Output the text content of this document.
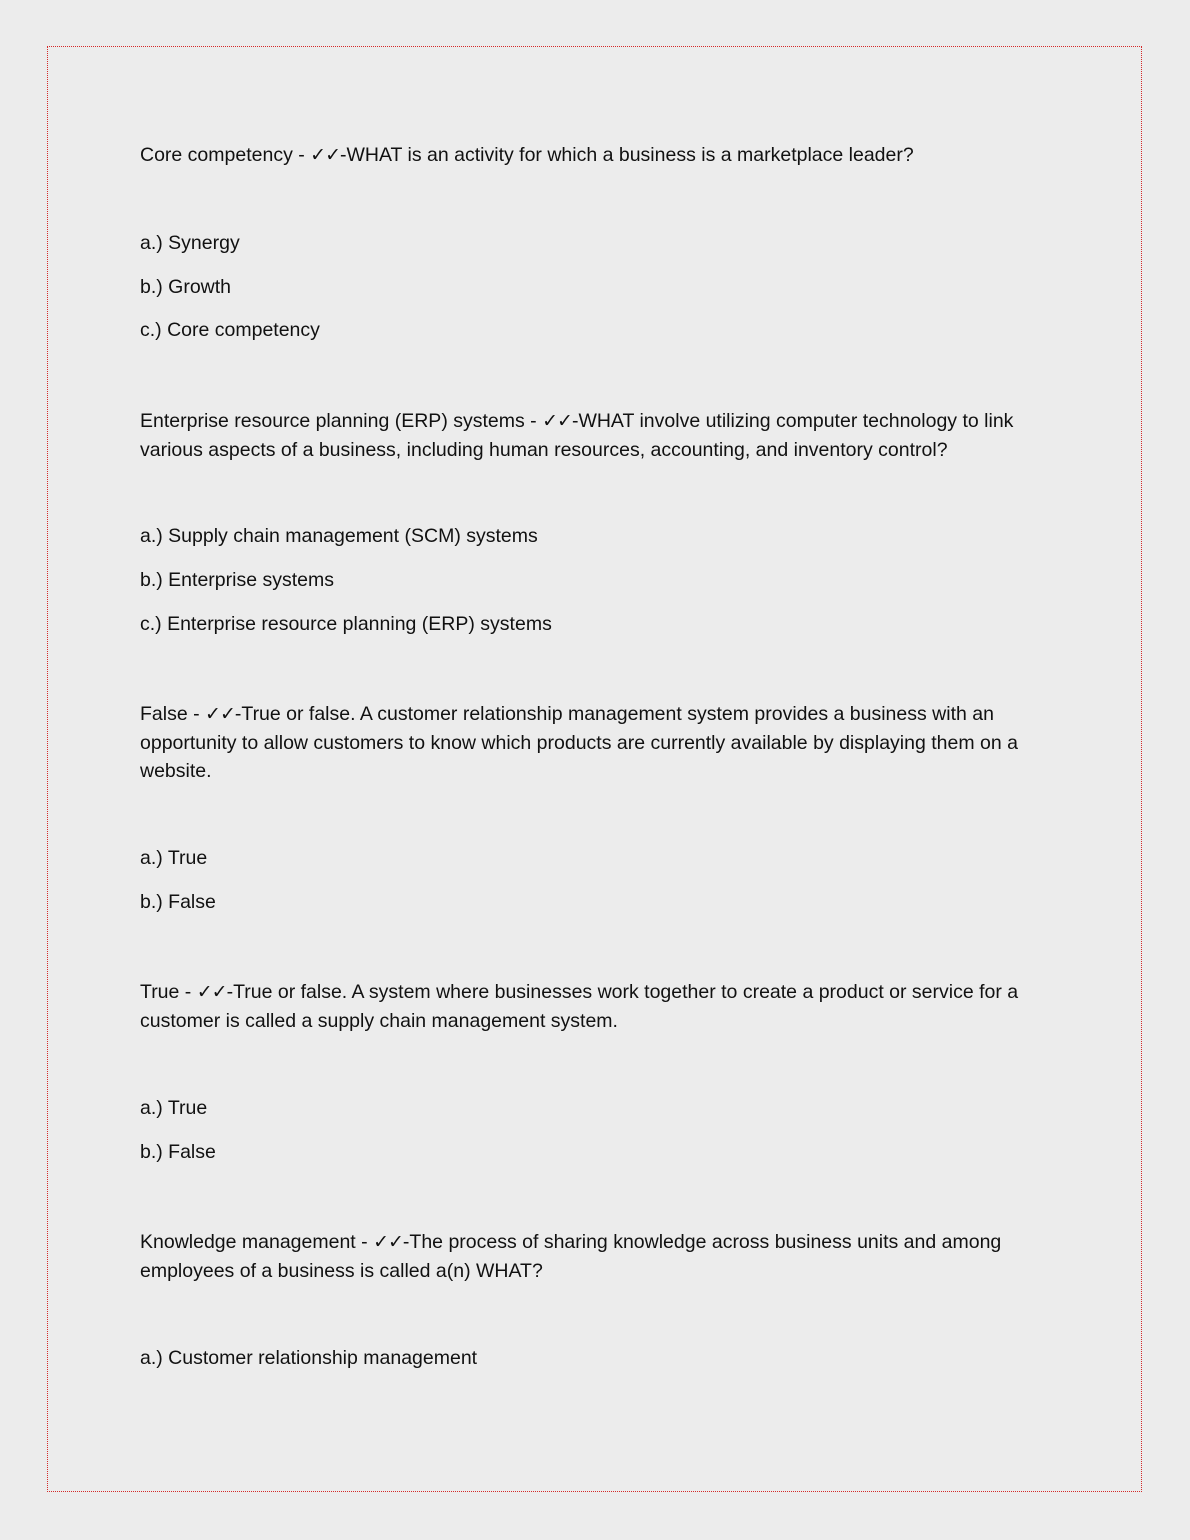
Core competency - ✓✓-WHAT is an activity for which a business is a marketplace leader?
a.) Synergy
b.) Growth
c.) Core competency
Enterprise resource planning (ERP) systems - ✓✓-WHAT involve utilizing computer technology to link various aspects of a business, including human resources, accounting, and inventory control?
a.) Supply chain management (SCM) systems
b.) Enterprise systems
c.) Enterprise resource planning (ERP) systems
False - ✓✓-True or false. A customer relationship management system provides a business with an opportunity to allow customers to know which products are currently available by displaying them on a website.
a.) True
b.) False
True - ✓✓-True or false. A system where businesses work together to create a product or service for a customer is called a supply chain management system.
a.) True
b.) False
Knowledge management - ✓✓-The process of sharing knowledge across business units and among employees of a business is called a(n) WHAT?
a.) Customer relationship management
